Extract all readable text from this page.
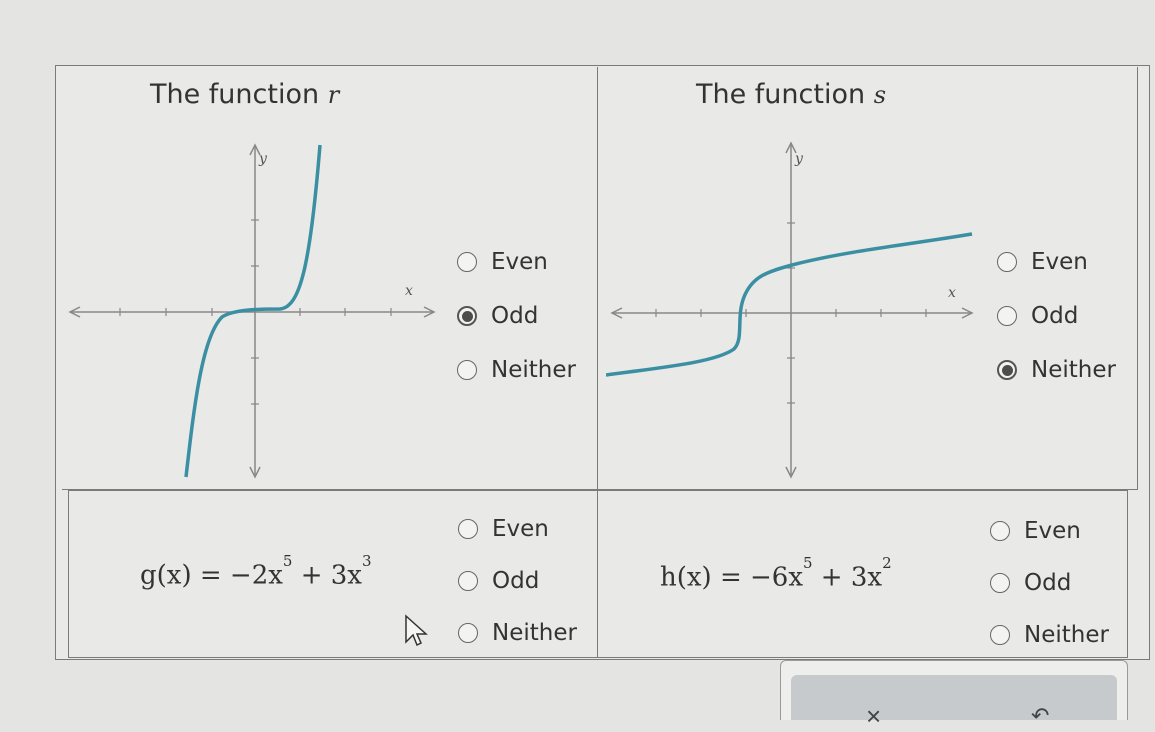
The function r
y
x
Even
Odd
Neither
The function s
y
x
Even
Odd
Neither
$g(x) = -2x^5 + 3x^3$
Even
Odd
Neither
$h(x) = -6x^5 + 3x^2$
Even
Odd
Neither
×	↶
